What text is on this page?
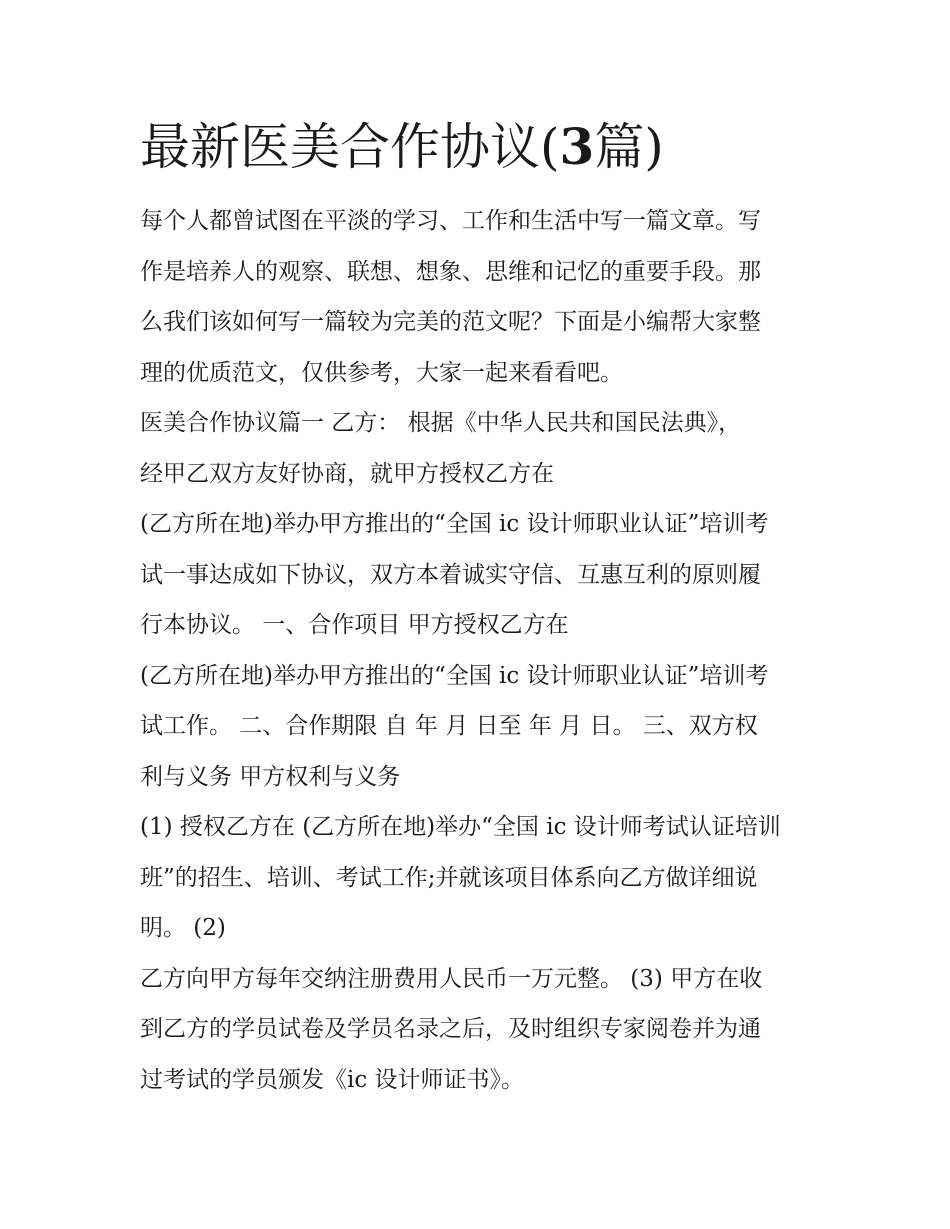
最新医美合作协议(3篇)
每个人都曾试图在平淡的学习、工作和生活中写一篇文章。写
作是培养人的观察、联想、想象、思维和记忆的重要手段。那
么我们该如何写一篇较为完美的范文呢？下面是小编帮大家整
理的优质范文，仅供参考，大家一起来看看吧。
医美合作协议篇一 乙方： 根据《中华人民共和国民法典》，
经甲乙双方友好协商，就甲方授权乙方在
(乙方所在地)举办甲方推出的“全国 ic 设计师职业认证”培训考
试一事达成如下协议，双方本着诚实守信、互惠互利的原则履
行本协议。 一、合作项目 甲方授权乙方在
(乙方所在地)举办甲方推出的“全国 ic 设计师职业认证”培训考
试工作。 二、合作期限 自 年 月 日至 年 月 日。 三、双方权
利与义务 甲方权利与义务
(1) 授权乙方在 (乙方所在地)举办“全国 ic 设计师考试认证培训
班”的招生、培训、考试工作;并就该项目体系向乙方做详细说
明。 (2)
乙方向甲方每年交纳注册费用人民币一万元整。 (3) 甲方在收
到乙方的学员试卷及学员名录之后，及时组织专家阅卷并为通
过考试的学员颁发《ic 设计师证书》。
